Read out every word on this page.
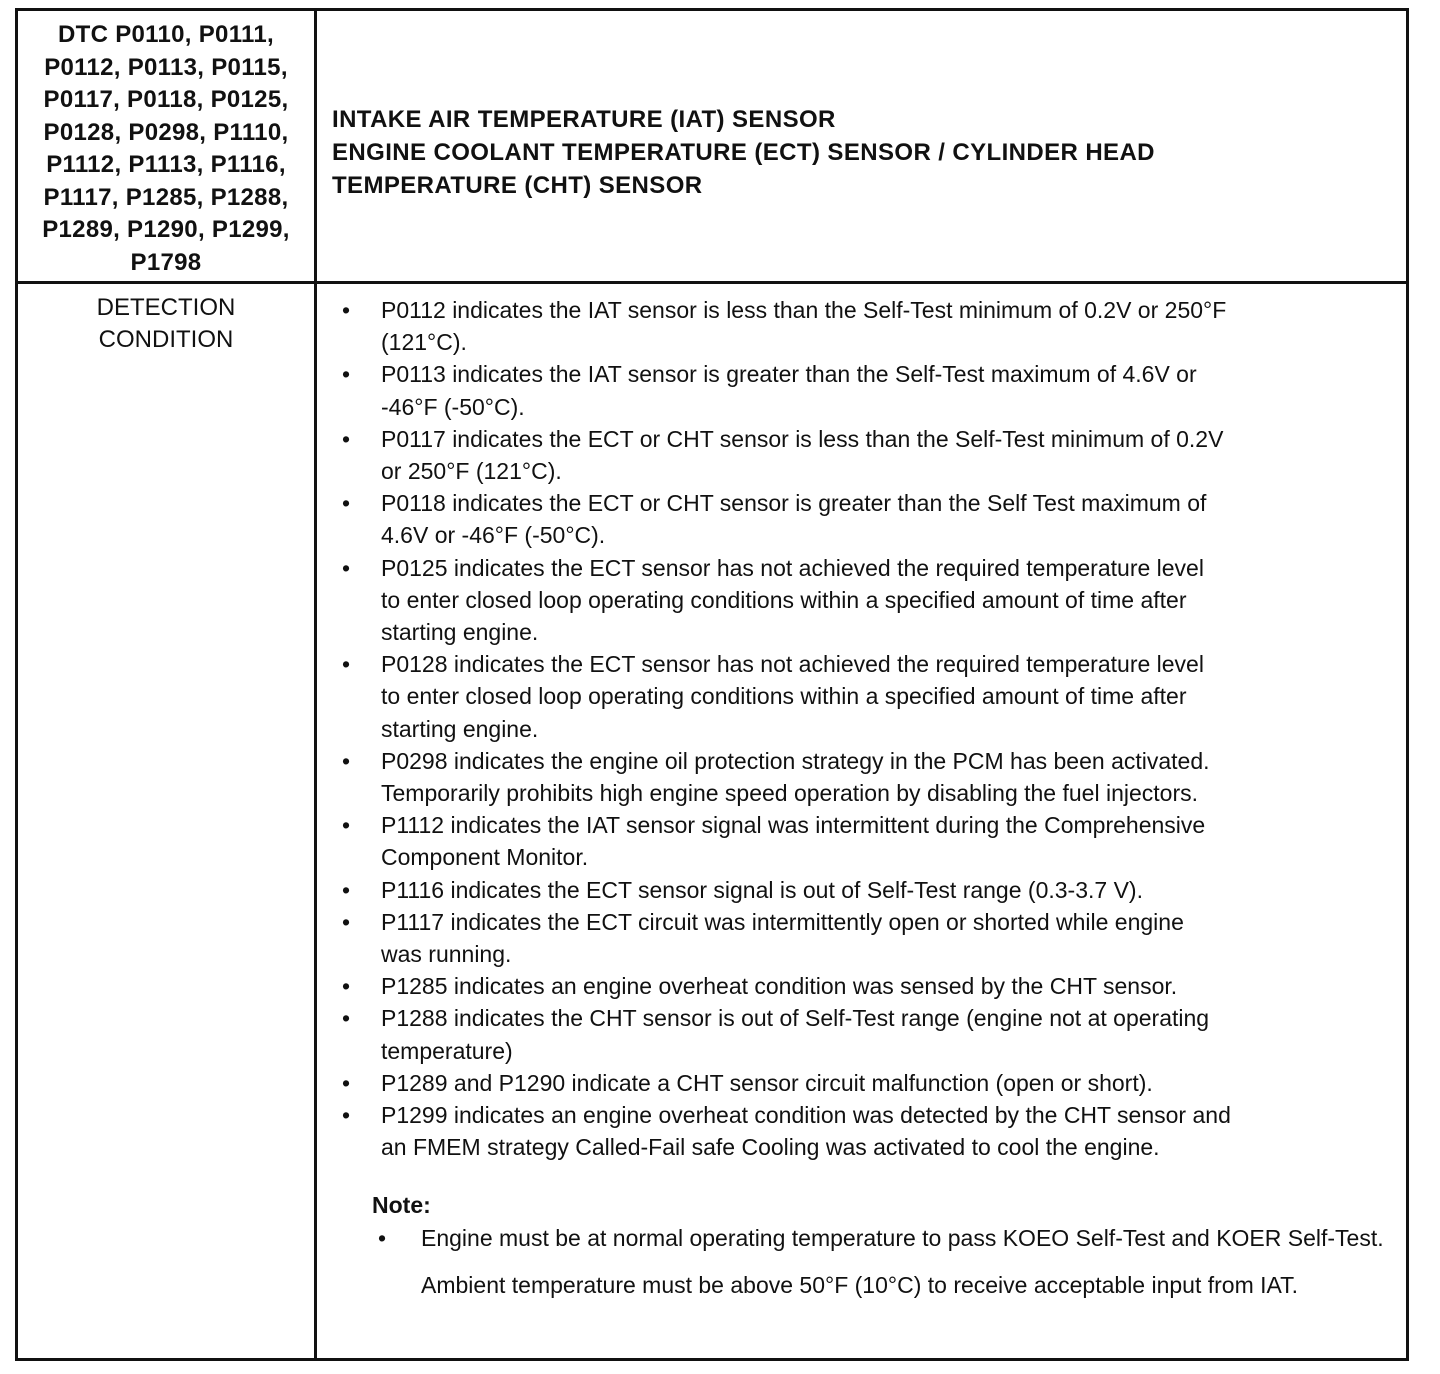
DTC P0110, P0111,
P0112, P0113, P0115,
P0117, P0118, P0125,
P0128, P0298, P1110,
P1112, P1113, P1116,
P1117, P1285, P1288,
P1289, P1290, P1299,
P1798
INTAKE AIR TEMPERATURE (IAT) SENSOR
ENGINE COOLANT TEMPERATURE (ECT) SENSOR / CYLINDER HEAD
TEMPERATURE (CHT) SENSOR
DETECTION
CONDITION
• P0112 indicates the IAT sensor is less than the Self-Test minimum of 0.2V or 250°F
(121°C).
• P0113 indicates the IAT sensor is greater than the Self-Test maximum of 4.6V or
-46°F (-50°C).
• P0117 indicates the ECT or CHT sensor is less than the Self-Test minimum of 0.2V
or 250°F (121°C).
• P0118 indicates the ECT or CHT sensor is greater than the Self Test maximum of
4.6V or -46°F (-50°C).
• P0125 indicates the ECT sensor has not achieved the required temperature level
to enter closed loop operating conditions within a specified amount of time after
starting engine.
• P0128 indicates the ECT sensor has not achieved the required temperature level
to enter closed loop operating conditions within a specified amount of time after
starting engine.
• P0298 indicates the engine oil protection strategy in the PCM has been activated.
Temporarily prohibits high engine speed operation by disabling the fuel injectors.
• P1112 indicates the IAT sensor signal was intermittent during the Comprehensive
Component Monitor.
• P1116 indicates the ECT sensor signal is out of Self-Test range (0.3-3.7 V).
• P1117 indicates the ECT circuit was intermittently open or shorted while engine
was running.
• P1285 indicates an engine overheat condition was sensed by the CHT sensor.
• P1288 indicates the CHT sensor is out of Self-Test range (engine not at operating
temperature)
• P1289 and P1290 indicate a CHT sensor circuit malfunction (open or short).
• P1299 indicates an engine overheat condition was detected by the CHT sensor and
an FMEM strategy Called-Fail safe Cooling was activated to cool the engine.
Note:
• Engine must be at normal operating temperature to pass KOEO Self-Test and KOER Self-Test.
Ambient temperature must be above 50°F (10°C) to receive acceptable input from IAT.
